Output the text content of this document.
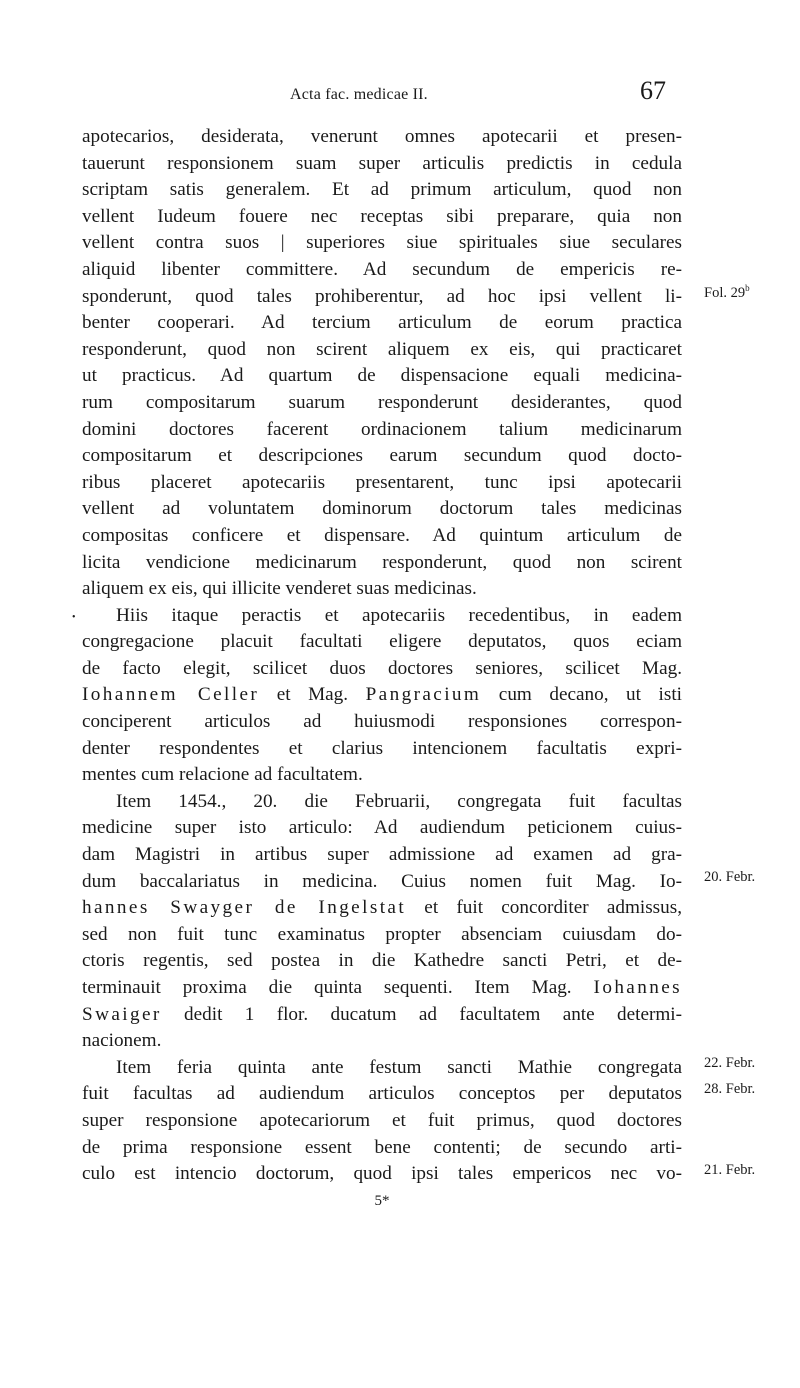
Acta fac. medicae II.	67
Fol. 29$^b$
20. Febr.
22. Febr.
28. Febr.
21. Febr.
•
apotecarios, desiderata, venerunt omnes apotecarii et presen-
tauerunt responsionem suam super articulis predictis in cedula
scriptam satis generalem. Et ad primum articulum, quod non
vellent Iudeum fouere nec receptas sibi preparare, quia non
vellent contra suos | superiores siue spirituales siue seculares
aliquid libenter committere. Ad secundum de empericis re-
sponderunt, quod tales prohiberentur, ad hoc ipsi vellent li-
benter cooperari. Ad tercium articulum de eorum practica
responderunt, quod non scirent aliquem ex eis, qui practicaret
ut practicus. Ad quartum de dispensacione equali medicina-
rum compositarum suarum responderunt desiderantes, quod
domini doctores facerent ordinacionem talium medicinarum
compositarum et descripciones earum secundum quod docto-
ribus placeret apotecariis presentarent, tunc ipsi apotecarii
vellent ad voluntatem dominorum doctorum tales medicinas
compositas conficere et dispensare. Ad quintum articulum de
licita vendicione medicinarum responderunt, quod non scirent
aliquem ex eis, qui illicite venderet suas medicinas.
Hiis itaque peractis et apotecariis recedentibus, in eadem
congregacione placuit facultati eligere deputatos, quos eciam
de facto elegit, scilicet duos doctores seniores, scilicet Mag.
Iohannem Celler et Mag. Pangracium cum decano, ut isti
conciperent articulos ad huiusmodi responsiones correspon-
denter respondentes et clarius intencionem facultatis expri-
mentes cum relacione ad facultatem.
Item 1454., 20. die Februarii, congregata fuit facultas
medicine super isto articulo: Ad audiendum peticionem cuius-
dam Magistri in artibus super admissione ad examen ad gra-
dum baccalariatus in medicina. Cuius nomen fuit Mag. Io-
hannes Swayger de Ingelstat et fuit concorditer admissus,
sed non fuit tunc examinatus propter absenciam cuiusdam do-
ctoris regentis, sed postea in die Kathedre sancti Petri, et de-
terminauit proxima die quinta sequenti. Item Mag. Iohannes
Swaiger dedit 1 flor. ducatum ad facultatem ante determi-
nacionem.
Item feria quinta ante festum sancti Mathie congregata
fuit facultas ad audiendum articulos conceptos per deputatos
super responsione apotecariorum et fuit primus, quod doctores
de prima responsione essent bene contenti; de secundo arti-
culo est intencio doctorum, quod ipsi tales empericos nec vo-
5*
